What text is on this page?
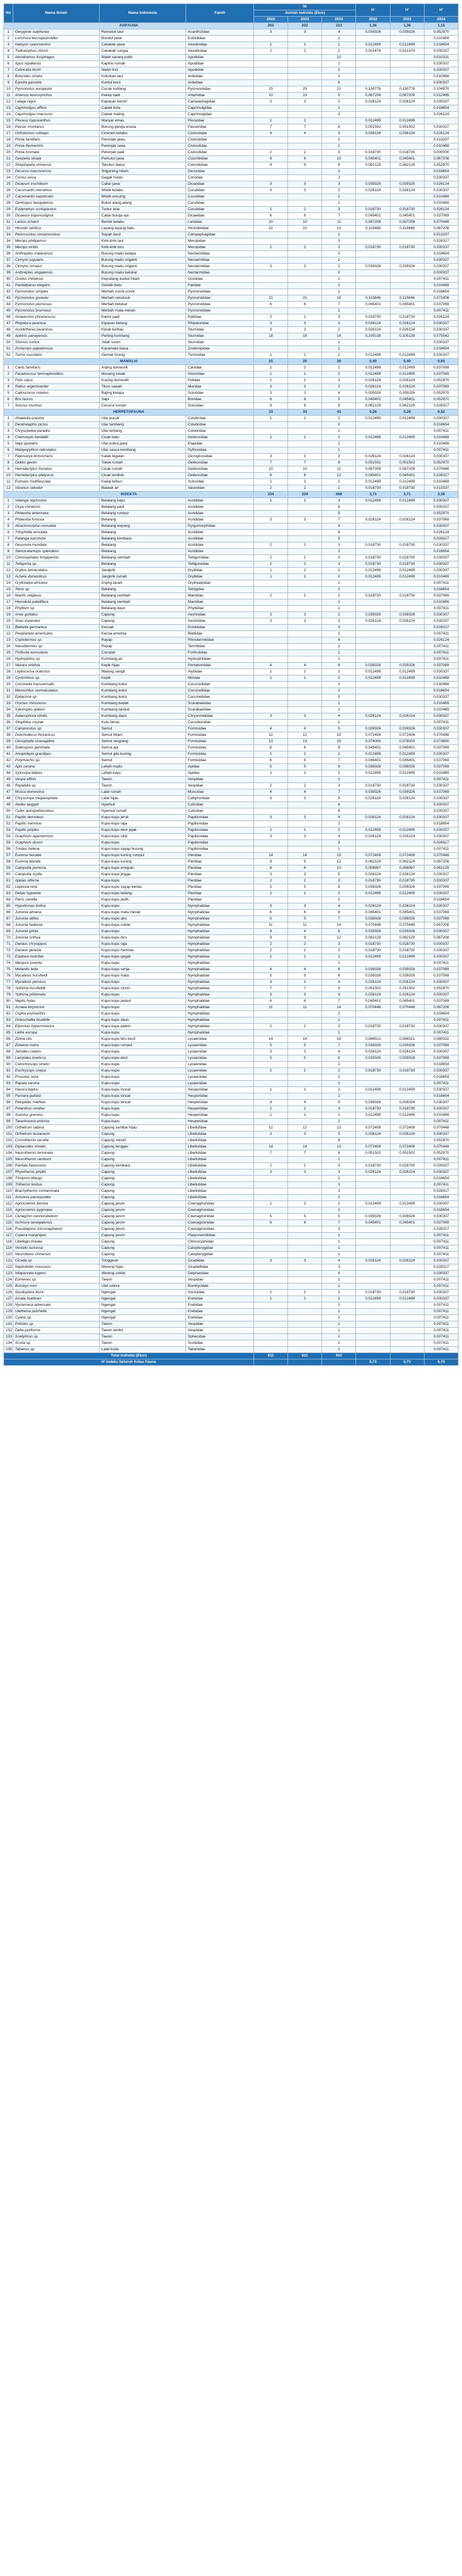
No	Nama Ilmiah	Nama Indonesia	Famili	Ni			H'	H'	H'
				Jumlah Individu (Ekor)					
				2022	2023	2024	2022	2023	2024
AVIFAUNA				202	202	213	1,36	1,36	1,15
1	Gerygone sulphurea	Remetuk laut	Acanthizidae	3	3	4	0,039326	0,039326	0,052970
2	Lonchura leucogastroides	Bondol jawa	Estrildidae			1			0,010469
3	Halcyon cyanoventris	Cekakak jawa	Alcedinidae	1	1	1	0,012499	0,012499	0,018654
4	Todiramphus chloris	Cekakak sungai	Alcedinidae	2	2	2	0,021474	0,021474	0,030337
5	Aerodramus fuciphagus	Walet sarang putih	Apodidae			12			0,032311
6	Apus nipalensis	Kapinis rumah	Apodidae			2			0,030337
7	Collocalia linchi	Walet linci	Apodidae			2			0,030337
8	Butorides striata	Kokokan laut	Ardeidae			1			0,010469
9	Egretta garzetta	Kuntul kecil	Ardeidae			6			0,030337
10	Pycnonotus aurigaster	Cucak kutilang	Pycnonotidae	25	25	21	0,130778	0,130778	0,104970
11	Artamus leucorynchus	Kekep babi	Artamidae	10	10	5	0,067208	0,067208	0,012499
12	Lalage nigra	Kapasan kemiri	Campephagidae	3	3	2	0,026124	0,026124	0,030337
13	Caprimulgus affinis	Cabak kota	Caprimulgidae			1			0,018654
14	Caprimulgus macrurus	Cabak maling	Caprimulgidae			3			0,026124
15	Ploceus hypoxanthus	Manyar emas	Ploceidae	1	1		0,012499	0,012499	
16	Passer montanus	Burung gereja erasia	Passeridae	7	7	6	0,051502	0,051502	0,030337
17	Orthotomus ruficeps	Cinenen kelabu	Cisticolidae	4	4	3	0,036134	0,036134	0,026124
18	Prinia familiaris	Perenjak jawa	Cisticolidae			2			0,013337
19	Prinia flaviventris	Perenjak rawa	Cisticolidae			1			0,010469
20	Prinia inornata	Perenjak padi	Cisticolidae	2	2	3	0,018730	0,018730	0,000000
21	Geopelia striata	Perkutut jawa	Columbidae	6	6	10	0,045401	0,045401	0,067208
22	Streptopelia chinensis	Tekukur biasa	Columbidae	9	9	8	0,062129	0,062129	0,052970
23	Dicrurus macrocercus	Srigunting hitam	Dicruridae			1			0,018654
24	Corvus enca	Gagak hutan	Corvidae			2			0,030337
25	Dicaeum trochileum	Cabai jawa	Dicaeidae	3	3	3	0,039326	0,039326	0,026124
26	Cacomantis merulinus	Wiwik kelabu	Cuculidae	3	3	2	0,026124	0,026124	0,030337
27	Cacomantis sepulcralis	Wiwik uncuing	Cuculidae			1			0,010469
28	Centropus bengalensis	Bubut alang-alang	Cuculidae			1			0,010469
29	Eudynamys scolopaceus	Tuwur asia	Cuculidae	2	2	3	0,018730	0,018730	0,026124
30	Dicaeum trigonostigma	Cabai bunga api	Dicaeidae	6	6	7	0,045401	0,045401	0,037069
31	Lanius schach	Bentet kelabu	Laniidae	10	10	11	0,067208	0,067208	0,070448
32	Hirundo tahitica	Layang-layang batu	Hirundinidae	22	22	12	0,119488	0,119488	0,067208
33	Pericrocotus cinnamomeus	Sepah kecil	Campephagidae			1			0,013337
34	Merops philippinus	Kirik-kirik laut	Meropidae			3			0,028317
35	Merops viridis	Kirik-kirik biru	Meropidae	2	2	2	0,018730	0,018730	0,030337
36	Anthreptes malacensis	Burung madu kelapa	Nectariniidae			2			0,018654
37	Cinnyris jugularis	Burung madu sriganti	Nectariniidae			2			0,030337
38	Cinnyris ornatus	Burung madu sriganti	Nectariniidae	3	3	2	0,039326	0,039326	0,030337
39	Anthreptes singalensis	Burung madu belukar	Nectariniidae			2			0,030337
40	Oriolus chinensis	Kepudang kuduk-hitam	Oriolidae			1			0,007411
41	Pardaliparus elegans	Gelatik-batu	Paridae			1			0,010469
42	Pycnonotus simplex	Merbah corok-corok	Pycnonotidae			1			0,018654
43	Pycnonotus goiavier	Merbah cerukcuk	Pycnonotidae	21	21	16	0,115846	0,115846	0,072408
44	Pycnonotus plumosus	Merbah belukar	Pycnonotidae	6	6	7	0,045401	0,045401	0,037069
45	Pycnonotus brunneus	Merbah mata-merah	Pycnonotidae			1			0,007411
46	Amaurornis phoenicurus	Kareo padi	Rallidae	2	2	3	0,018730	0,018730	0,026124
47	Rhipidura javanica	Kipasan belang	Rhipiduridae	3	3	3	0,026124	0,026124	0,030337
48	Acridotheres javanicus	Kerak kerbau	Sturnidae	3	3	2	0,026124	0,026124	0,030337
49	Aplonis panayensis	Perling kumbang	Sturnidae	18	18	14	0,105138	0,105138	0,075042
50	Sturnus contra	Jalak suren	Sturnidae			1			0,030337
51	Zosterops palpebrosus	Kacamata biasa	Zosteropidae			1			0,018654
52	Turnix suscitator	Gemak loreng	Turnicidae	1	1	2	0,012499	0,012499	0,030337
MAMALIA				25	25	26	0,40	0,40	0,65
1	Canis familiaris	Anjing domestik	Canidae	1	1	2	0,012499	0,012499	0,037069
2	Paradoxurus hermaphroditus	Musang luwak	Viverridae	1	1	2	0,012499	0,012499	0,037069
3	Felis catus	Kucing domestik	Felidae	2	2	3	0,026124	0,026124	0,052970
4	Rattus argentiventer	Tikus sawah	Muridae	3	3	2	0,026124	0,026124	0,037069
5	Callosciurus notatus	Bajing kelapa	Sciuridae	3	3	4	0,039326	0,039326	0,052970
6	Bos taurus	Sapi	Bovidae	6	6	5	0,045401	0,045401	0,052970
7	Suncus murinus	Cecurut rumah	Soricidae	9	9	8	0,062129	0,062129	0,028317
HERPETOFAUNA				33	33	43	0,26	0,26	0,52
1	Ahaetulla prasina	Ular pucuk	Colubridae	1	1	2	0,012499	0,012499	0,030337
2	Dendrelaphis pictus	Ular tambang	Colubridae			2			0,018654
3	Chrysopelea paradisi	Ular terbang	Colubridae			1			0,007411
4	Cnemaspis kendallii	Cicak batu	Gekkonidae	1	1	1	0,012499	0,012499	0,010469
5	Naja sputatrix	Ular kobra jawa	Elapidae			1			0,010469
6	Malayopython reticulatus	Ular sanca kembang	Pythonidae			1			0,007411
7	Fejervarya limnocharis	Katak tegalan	Dicroglossidae	3	3	3	0,026124	0,026124	0,030337
8	Gekko gecko	Tokek rumah	Gekkonidae	7	7	8	0,051502	0,051502	0,052970
9	Hemidactylus frenatus	Cicak rumah	Gekkonidae	10	10	11	0,067208	0,067208	0,070448
10	Hemidactylus platyurus	Cicak tembok	Gekkonidae	6	6	12	0,045401	0,045401	0,028317
11	Eutropis multifasciata	Kadal kebun	Scincidae	1	1	1	0,012499	0,012499	0,010469
12	Varanus salvator	Biawak air	Varanidae	2	2	1	0,018730	0,018730	0,013337
INSEKTA				334	334	608	3,71	3,71	3,38
1	Valanga nigricornis	Belalang kayu	Acrididae	1	1	3	0,012499	0,012499	0,030337
2	Oxya chinensis	Belalang padi	Acrididae			6			0,030337
3	Phlaeoba antennata	Belalang rumput	Acrididae			5			0,052970
4	Phlaeoba fumosa	Belalang	Acrididae	3	3	7	0,026124	0,026124	0,037069
5	Atractomorpha crenulata	Belalang wayang	Pyrgomorphidae			4			0,030337
6	Trilophidia annulata	Belalang	Acrididae			8			0,026124
7	Patanga succincta	Belalang kembara	Acrididae			5			0,028317
8	Gesonula mundata	Belalang	Acrididae	2	2	3	0,018730	0,018730	0,030337
9	Stenocatantops splendens	Belalang	Acrididae			2			0,018654
10	Conocephalus longipennis	Belalang sembah	Tettigoniidae	2	2	3	0,018730	0,018730	0,030337
11	Tettigonia sp.	Belalang	Tettigoniidae	2	2	3	0,018730	0,018730	0,030337
12	Gryllus bimaculatus	Jangkrik	Gryllidae	1	1	2	0,012499	0,012499	0,030337
13	Acheta domesticus	Jangkrik rumah	Gryllidae	1	1	1	0,012499	0,012499	0,010469
14	Gryllotalpa africana	Anjing tanah	Gryllotalpidae			1			0,007411
15	Tetrix sp.	Belalang	Tetrigidae			2			0,018654
16	Mantis religiosa	Belalang sembah	Mantidae	2	2	2	0,018730	0,018730	0,037069
17	Hierodula patellifera	Belalang sembah	Mantidae			1			0,010469
18	Phyllium sp.	Belalang daun	Phylliidae			1			0,007411
19	Anax guttatus	Capung	Aeshnidae	3	3	2	0,039326	0,039326	0,030337
20	Anax imperator	Capung	Aeshnidae	3	3	3	0,026124	0,026124	0,030337
21	Blattella germanica	Kecoak	Ectobiidae			3			0,028317
22	Periplaneta americana	Kecoa amerika	Blattidae			1			0,007411
23	Coptotermes sp.	Rayap	Rhinotermitidae			4			0,026124
24	Nasutitermes sp.	Rayap	Termitidae			1			0,007411
25	Forficula auricularia	Cocopet	Forficulidae			1			0,007411
26	Hydrophilus sp.	Kumbang air	Hydrophilidae			1			0,007411
27	Nezara viridula	Kepik hijau	Pentatomidae	4	4	6	0,039326	0,039326	0,037069
28	Leptocorisa oratorius	Walang sangit	Alydidae	1	1	2	0,012499	0,012499	0,030337
29	Cyrtorhinus sp.	Kepik	Miridae	1	1	1	0,012499	0,012499	0,010469
30	Coccinella transversalis	Kumbang koksi	Coccinellidae			1			0,010469
31	Menochilus sexmaculatus	Kumbang koksi	Coccinellidae			2			0,018654
32	Epilachna sp.	Kumbang koksi	Coccinellidae			5			0,030337
33	Oryctes rhinoceros	Kumbang badak	Scarabaeidae			1			0,010469
34	Xylotrupes gideon	Kumbang tanduk	Scarabaeidae			1			0,010469
35	Aulacophora similis	Kumbang daun	Chrysomelidae	3	3	4	0,026124	0,026124	0,030337
36	Sitophilus oryzae	Kutu beras	Curculionidae			1			0,007411
37	Camponotus sp.	Semut	Formicidae	4	4	5	0,039326	0,039326	0,030337
38	Dolichoderus thoracicus	Semut hitam	Formicidae	12	12	15	0,072408	0,072408	0,070448
39	Oecophylla smaragdina	Semut rangrang	Formicidae	13	13	16	0,076000	0,076000	0,074800
40	Solenopsis geminata	Semut api	Formicidae	6	6	8	0,045401	0,045401	0,037069
41	Anoplolepis gracilipes	Semut gila kuning	Formicidae	1	1	2	0,012499	0,012499	0,030337
42	Polyrhachis sp.	Semut	Formicidae	6	6	7	0,045401	0,045401	0,037069
43	Apis cerana	Lebah madu	Apidae	5	5	6	0,039326	0,039326	0,037069
44	Xylocopa latipes	Lebah kayu	Apidae	1	1	1	0,012499	0,012499	0,010469
45	Vespa affinis	Tawon	Vespidae			1			0,007411
46	Ropalidia sp.	Tawon	Vespidae	2	2	3	0,018730	0,018730	0,030337
47	Musca domestica	Lalat rumah	Muscidae	4	4	7	0,039326	0,039326	0,037069
48	Chrysomya megacephala	Lalat hijau	Calliphoridae	3	3	4	0,026124	0,026124	0,030337
49	Aedes aegypti	Nyamuk	Culicidae			6			0,030337
50	Culex quinquefasciatus	Nyamuk rumah	Culicidae			6			0,030337
51	Papilio demoleus	Kupu-kupu jeruk	Papilionidae	3	3	4	0,026124	0,026124	0,030337
52	Papilio memnon	Kupu-kupu raja	Papilionidae			2			0,018654
53	Papilio polytes	Kupu-kupu ekor jejak	Papilionidae	1	1	2	0,012499	0,012499	0,030337
54	Graphium agamemnon	Kupu-kupu sirip	Papilionidae	3	3	4	0,026124	0,026124	0,030337
55	Graphium doson	Kupu-kupu	Papilionidae			3			0,028317
56	Troides helena	Kupu-kupu sayap burung	Papilionidae			1			0,007411
57	Eurema hecabe	Kupu-kupu kuning rumput	Pieridae	14	14	15	0,072408	0,072408	0,070448
58	Eurema blanda	Kupu-kupu kuning	Pieridae	9	9	12	0,062129	0,062129	0,067208
59	Catopsilia pomona	Kupu-kupu emigran	Pieridae	8	8	10	0,056997	0,056997	0,062129
60	Catopsilia scylla	Kupu-kupu jingga	Pieridae	3	3	5	0,026124	0,026124	0,030337
61	Appias olferna	Kupu-kupu	Pieridae	2	2	3	0,018730	0,018730	0,030337
62	Leptosia nina	Kupu-kupu sayap kertas	Pieridae	5	5	8	0,039326	0,039326	0,037069
63	Delias hyparete	Kupu-kupu belang	Pieridae	1	1	2	0,012499	0,012499	0,030337
64	Pieris canidia	Kupu-kupu putih	Pieridae			2			0,018654
65	Hypolimnas bolina	Kupu-kupu	Nymphalidae	3	3	4	0,026124	0,026124	0,030337
66	Junonia almana	Kupu-kupu mata merak	Nymphalidae	6	6	8	0,045401	0,045401	0,037069
67	Junonia atlites	Kupu-kupu abu	Nymphalidae	5	5	7	0,039326	0,039326	0,037069
68	Junonia hedonia	Kupu-kupu coklat	Nymphalidae	11	11	14	0,070448	0,070448	0,067208
69	Junonia iphita	Kupu-kupu	Nymphalidae	4	4	5	0,039326	0,039326	0,030337
70	Junonia orithya	Kupu-kupu biru	Nymphalidae	9	9	12	0,062129	0,062129	0,067208
71	Danaus chrysippus	Kupu-kupu raja	Nymphalidae	2	2	3	0,018730	0,018730	0,030337
72	Danaus genutia	Kupu-kupu harimau	Nymphalidae	2	2	3	0,018730	0,018730	0,030337
73	Euploea mulciber	Kupu-kupu gagak	Nymphalidae	1	1	2	0,012499	0,012499	0,030337
74	Ideopsis juventa	Kupu-kupu	Nymphalidae			1			0,007411
75	Melanitis leda	Kupu-kupu senja	Nymphalidae	4	4	6	0,039326	0,039326	0,037069
76	Mycalesis horsfieldi	Kupu-kupu mata	Nymphalidae	5	5	6	0,039326	0,039326	0,037069
77	Mycalesis perseus	Kupu-kupu	Nymphalidae	3	3	4	0,026124	0,026124	0,030337
78	Ypthima horsfieldii	Kupu-kupu cincin	Nymphalidae	7	7	9	0,051502	0,051502	0,052970
79	Ypthima philomela	Kupu-kupu	Nymphalidae	3	3	4	0,026124	0,026124	0,030337
80	Neptis hylas	Kupu-kupu pelaut	Nymphalidae	6	6	7	0,045401	0,045401	0,037069
81	Acraea terpsicore	Kupu-kupu	Nymphalidae	11	11	14	0,070448	0,070448	0,067208
82	Cupha erymanthis	Kupu-kupu	Nymphalidae			2			0,018654
83	Doleschallia bisaltide	Kupu-kupu daun	Nymphalidae			1			0,007411
84	Elymnias hypermnestra	Kupu-kupu palem	Nymphalidae	2	2	3	0,018730	0,018730	0,030337
85	Lethe europa	Kupu-kupu	Nymphalidae			1			0,007411
86	Zizina otis	Kupu-kupu biru kecil	Lycaenidae	14	14	18	0,086521	0,086521	0,080332
87	Zizeeria maha	Kupu-kupu rumput	Lycaenidae	5	5	7	0,039326	0,039326	0,037069
88	Jamides celeno	Kupu-kupu	Lycaenidae	3	3	4	0,026124	0,026124	0,030337
89	Lampides boeticus	Kupu-kupu ekor	Lycaenidae	5	5	6	0,039326	0,039326	0,037069
90	Catochrysops strabo	Kupu-kupu	Lycaenidae			2			0,018654
91	Euchrysops cnejus	Kupu-kupu	Lycaenidae	2	2	2	0,018730	0,018730	0,030337
92	Prosotas nora	Kupu-kupu	Lycaenidae			2			0,018654
93	Rapala varuna	Kupu-kupu	Lycaenidae			1			0,007411
94	Hasora badra	Kupu-kupu loncat	Hesperiidae	1	1	2	0,012499	0,012499	0,030337
95	Parnara guttata	Kupu-kupu loncat	Hesperiidae			2			0,018654
96	Pelopidas mathias	Kupu-kupu loncat	Hesperiidae	4	4	4	0,039326	0,039326	0,030337
97	Potanthus omaha	Kupu-kupu	Hesperiidae	2	2	3	0,018730	0,018730	0,030337
98	Suastus gremius	Kupu-kupu	Hesperiidae	1	1	1	0,012499	0,012499	0,010469
99	Taractrocera ardonia	Kupu-kupu	Hesperiidae			1			0,007411
100	Orthetrum sabina	Capung sambar hijau	Libellulidae	12	12	13	0,072408	0,072408	0,070448
101	Orthetrum testaceum	Capung	Libellulidae	3	3	5	0,026124	0,026124	0,030337
102	Crocothemis servilia	Capung merah	Libellulidae			8			0,052970
103	Diplacodes trivialis	Capung tengger	Libellulidae	14	14	13	0,072408	0,072408	0,070448
104	Neurothemis terminata	Capung	Libellulidae	7	7	8	0,051502	0,051502	0,052970
105	Neurothemis ramburii	Capung	Libellulidae			1			0,007411
106	Pantala flavescens	Capung kembara	Libellulidae	2	2	4	0,018730	0,018730	0,030337
107	Rhyothemis phyllis	Capung	Libellulidae	3	3	3	0,026124	0,026124	0,030337
108	Tholymis tillarga	Capung	Libellulidae			2			0,018654
109	Trithemis festiva	Capung	Libellulidae			1			0,007411
110	Brachythemis contaminata	Capung	Libellulidae			3			0,028317
111	Acisoma panorpoides	Capung	Libellulidae			2			0,018654
112	Agriocnemis femina	Capung jarum	Coenagrionidae	1	1	2	0,012499	0,012499	0,030337
113	Agriocnemis pygmaea	Capung jarum	Coenagrionidae			2			0,018654
114	Ceriagrion cerinorubellum	Capung jarum	Coenagrionidae	5	5	5	0,039326	0,039326	0,030337
115	Ischnura senegalensis	Capung jarum	Coenagrionidae	6	6	7	0,045401	0,045401	0,037069
116	Pseudagrion microcephalum	Capung jarum	Coenagrionidae			3			0,028317
117	Copera marginipes	Capung jarum	Platycnemididae			1			0,007411
118	Libellago lineata	Capung	Chlorocyphidae			1			0,007411
119	Vestalis luctuosa	Capung	Calopterygidae			1			0,007411
120	Neurobasis chinensis	Capung	Calopterygidae			1			0,007411
121	Cicada sp.	Tonggeret	Cicadidae	3	3	4	0,026124	0,026124	0,030337
122	Nephotettix virescens	Wereng hijau	Cicadellidae			3			0,028317
123	Nilaparvata lugens	Wereng coklat	Delphacidae			4			0,030337
124	Eumenes sp.	Tawon	Vespidae			1			0,007411
125	Bombyx mori	Ulat sutera	Bombycidae			1			0,007411
126	Spodoptera litura	Ngengat	Noctuidae	2	2	2	0,018730	0,018730	0,030337
127	Amata huebneri	Ngengat	Erebidae	1	1	2	0,012499	0,012499	0,030337
128	Nyctemera adversata	Ngengat	Erebidae			1			0,007411
129	Utetheisa pulchella	Ngengat	Erebidae			1			0,007411
130	Cyana sp.	Ngengat	Erebidae			1			0,007411
131	Polistes sp.	Tawon	Vespidae			1			0,007411
132	Delta pyriforme	Tawon kerikil	Vespidae			1			0,007411
133	Sceliphron sp.	Tawon	Sphecidae			1			0,007411
134	Scolia sp.	Tawon	Scoliidae			1			0,007411
135	Tabanus sp.	Lalat kuda	Tabanidae			1			0,007411
Total Individu (Ekor)				611	611	910			
H' Indeks Seluruh Kelas Fauna							5,73	5,73	5,70
